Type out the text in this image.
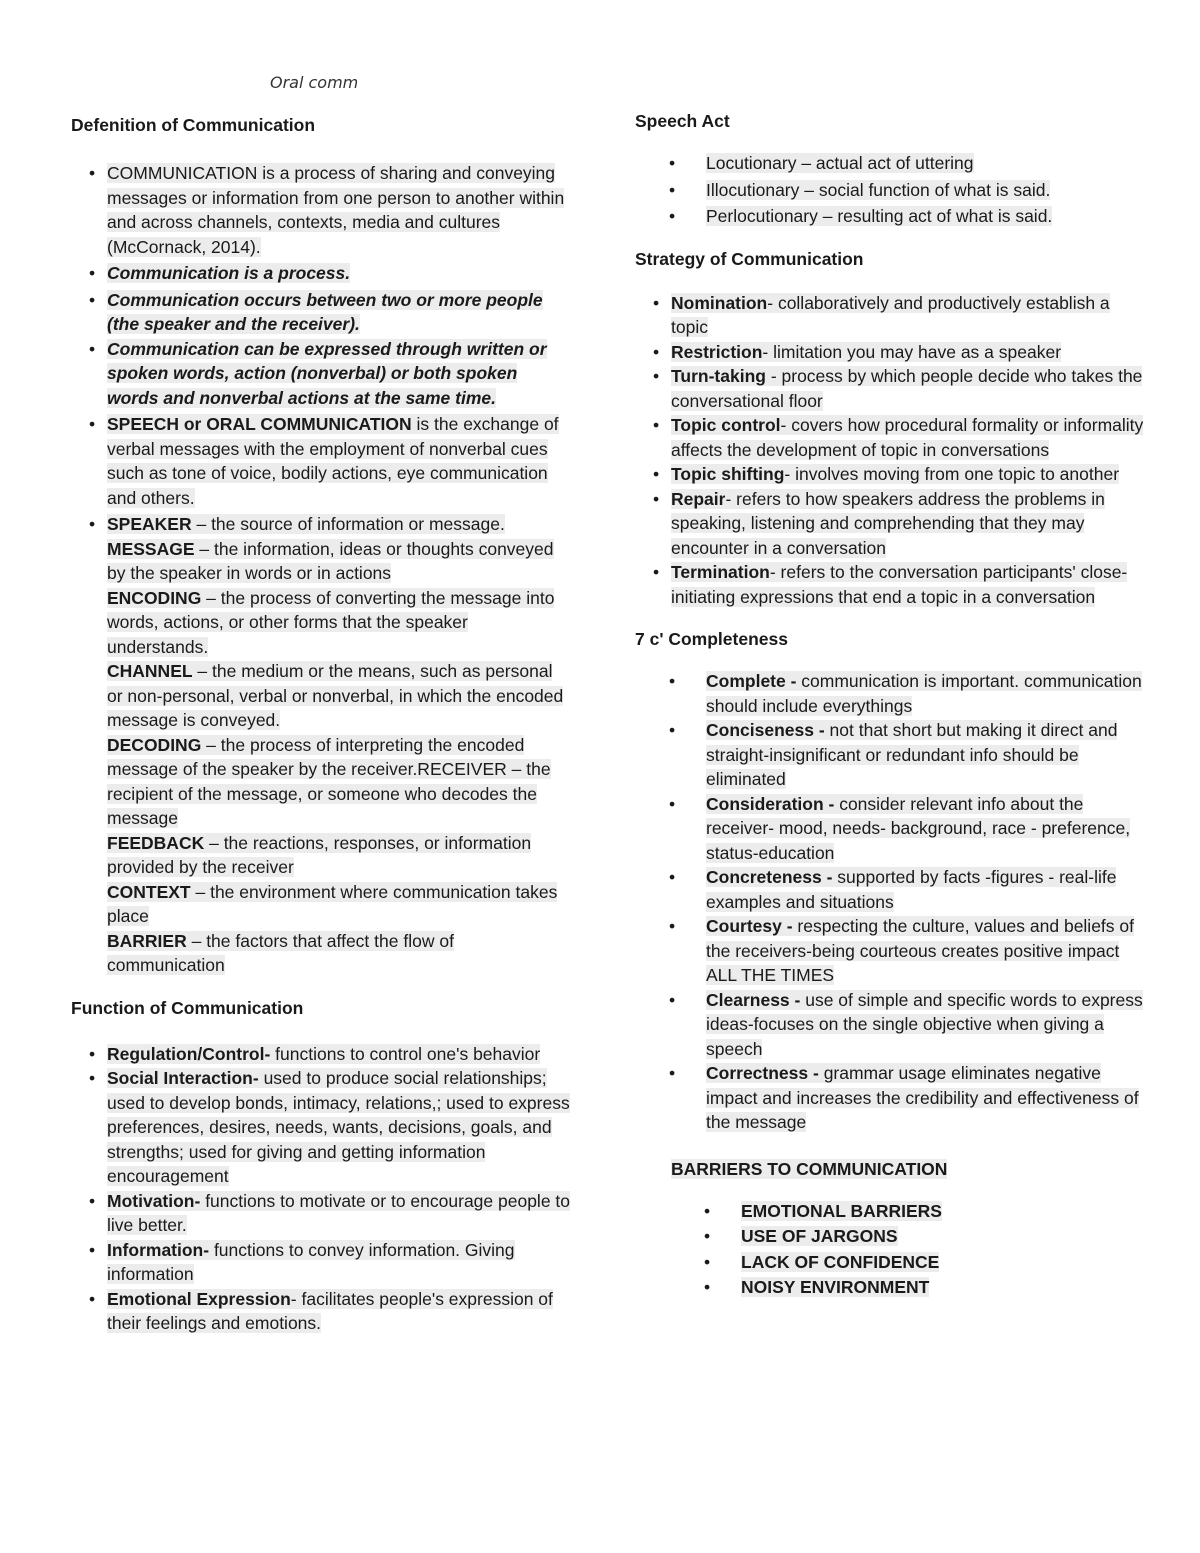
Oral comm
Defenition of Communication
• COMMUNICATION is a process of sharing and conveying messages or information from one person to another within and across channels, contexts, media and cultures (McCornack, 2014).
• Communication is a process.
• Communication occurs between two or more people (the speaker and the receiver).
• Communication can be expressed through written or spoken words, action (nonverbal) or both spoken words and nonverbal actions at the same time.
• SPEECH or ORAL COMMUNICATION is the exchange of verbal messages with the employment of nonverbal cues such as tone of voice, bodily actions, eye communication and others.
• SPEAKER – the source of information or message.
MESSAGE – the information, ideas or thoughts conveyed by the speaker in words or in actions
ENCODING – the process of converting the message into words, actions, or other forms that the speaker understands.
CHANNEL – the medium or the means, such as personal or non-personal, verbal or nonverbal, in which the encoded message is conveyed.
DECODING – the process of interpreting the encoded message of the speaker by the receiver.RECEIVER – the recipient of the message, or someone who decodes the message
FEEDBACK – the reactions, responses, or information provided by the receiver
CONTEXT – the environment where communication takes place
BARRIER – the factors that affect the flow of communication
Function of Communication
• Regulation/Control- functions to control one's behavior
• Social Interaction- used to produce social relationships; used to develop bonds, intimacy, relations,; used to express preferences, desires, needs, wants, decisions, goals, and strengths; used for giving and getting information encouragement
• Motivation- functions to motivate or to encourage people to live better.
• Information- functions to convey information. Giving information
• Emotional Expression- facilitates people's expression of their feelings and emotions.
Speech Act
• Locutionary – actual act of uttering
• Illocutionary – social function of what is said.
• Perlocutionary – resulting act of what is said.
Strategy of Communication
• Nomination- collaboratively and productively establish a topic
• Restriction- limitation you may have as a speaker
• Turn-taking - process by which people decide who takes the conversational floor
• Topic control- covers how procedural formality or informality affects the development of topic in conversations
• Topic shifting- involves moving from one topic to another
• Repair- refers to how speakers address the problems in speaking, listening and comprehending that they may encounter in a conversation
• Termination- refers to the conversation participants' close-initiating expressions that end a topic in a conversation
7 c' Completeness
• Complete - communication is important. communication should include everythings
• Conciseness - not that short but making it direct and straight-insignificant or redundant info should be eliminated
• Consideration - consider relevant info about the receiver- mood, needs- background, race - preference, status-education
• Concreteness - supported by facts -figures - real-life examples and situations
• Courtesy - respecting the culture, values and beliefs of the receivers-being courteous creates positive impact ALL THE TIMES
• Clearness - use of simple and specific words to express ideas-focuses on the single objective when giving a speech
• Correctness - grammar usage eliminates negative impact and increases the credibility and effectiveness of the message
BARRIERS TO COMMUNICATION
• EMOTIONAL BARRIERS
• USE OF JARGONS
• LACK OF CONFIDENCE
• NOISY ENVIRONMENT
